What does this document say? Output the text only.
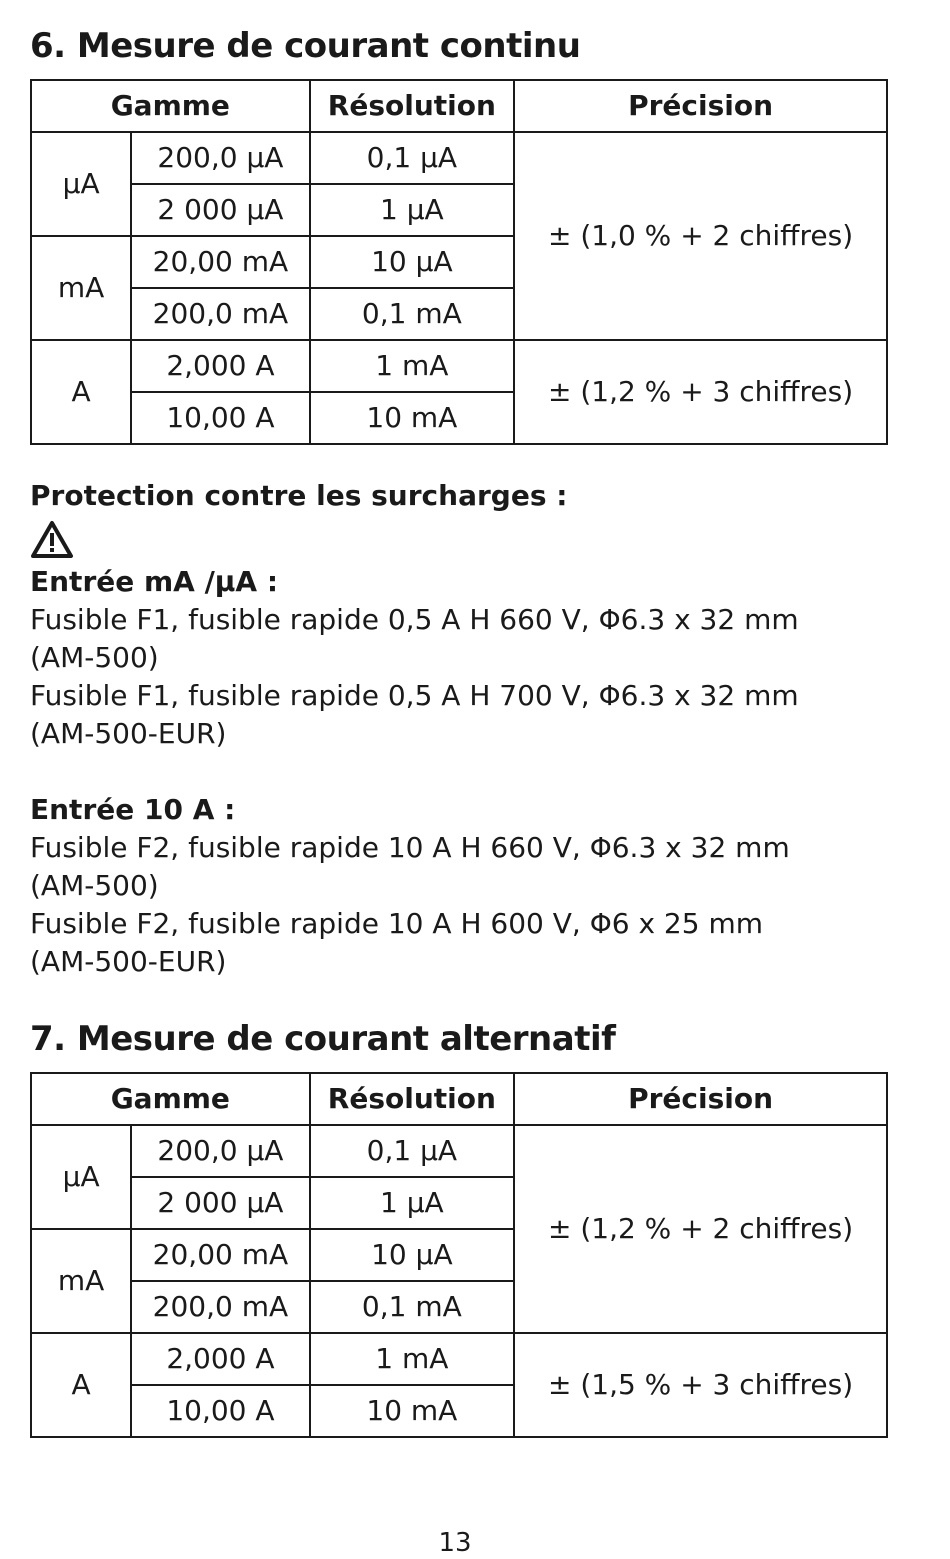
6. Mesure de courant continu
Gamme		Résolution	Précision
μA	200,0 μA	0,1 μA	± (1,0 % + 2 chiffres)
	2 000 μA	1 μA	
mA	20,00 mA	10 μA	
	200,0 mA	0,1 mA	
A	2,000 A	1 mA	± (1,2 % + 3 chiffres)
	10,00 A	10 mA	

Protection contre les surcharges :

Entrée mA /μA :

Fusible F1, fusible rapide 0,5 A H 660 V, Φ6.3 x 32 mm

(AM-500)

Fusible F1, fusible rapide 0,5 A H 700 V, Φ6.3 x 32 mm

(AM-500-EUR)

Entrée 10 A :

Fusible F2, fusible rapide 10 A H 660 V, Φ6.3 x 32 mm

(AM-500)

Fusible F2, fusible rapide 10 A H 600 V, Φ6 x 25 mm

(AM-500-EUR)

7. Mesure de courant alternatif
Gamme		Résolution	Précision
μA	200,0 μA	0,1 μA	± (1,2 % + 2 chiffres)
	2 000 μA	1 μA	
mA	20,00 mA	10 μA	
	200,0 mA	0,1 mA	
A	2,000 A	1 mA	± (1,5 % + 3 chiffres)
	10,00 A	10 mA	
13
